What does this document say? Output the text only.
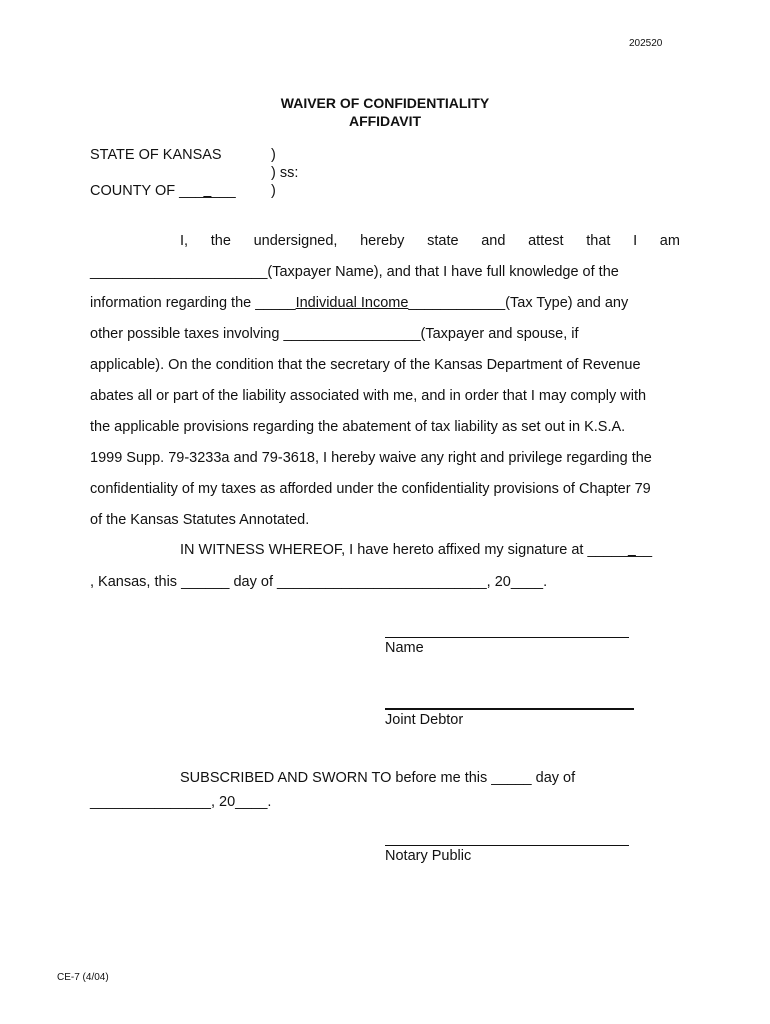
202520
WAIVER OF CONFIDENTIALITY
AFFIDAVIT
STATE OF KANSAS
COUNTY OF _______
)
) ss:
)
I, the undersigned, hereby state and attest that I am
______________________(Taxpayer Name), and that I have full knowledge of the
information regarding the _____Individual Income____________(Tax Type) and any
other possible taxes involving _________________(Taxpayer and spouse, if
applicable). On the condition that the secretary of the Kansas Department of Revenue
abates all or part of the liability associated with me, and in order that I may comply with
the applicable provisions regarding the abatement of tax liability as set out in K.S.A.
1999 Supp. 79-3233a and 79-3618, I hereby waive any right and privilege regarding the
confidentiality of my taxes as afforded under the confidentiality provisions of Chapter 79
of the Kansas Statutes Annotated.
IN WITNESS WHEREOF, I have hereto affixed my signature at ________
, Kansas, this ______ day of __________________________, 20____.
Name
Joint Debtor
SUBSCRIBED AND SWORN TO before me this _____ day of
_______________, 20____.
Notary Public
CE-7 (4/04)
